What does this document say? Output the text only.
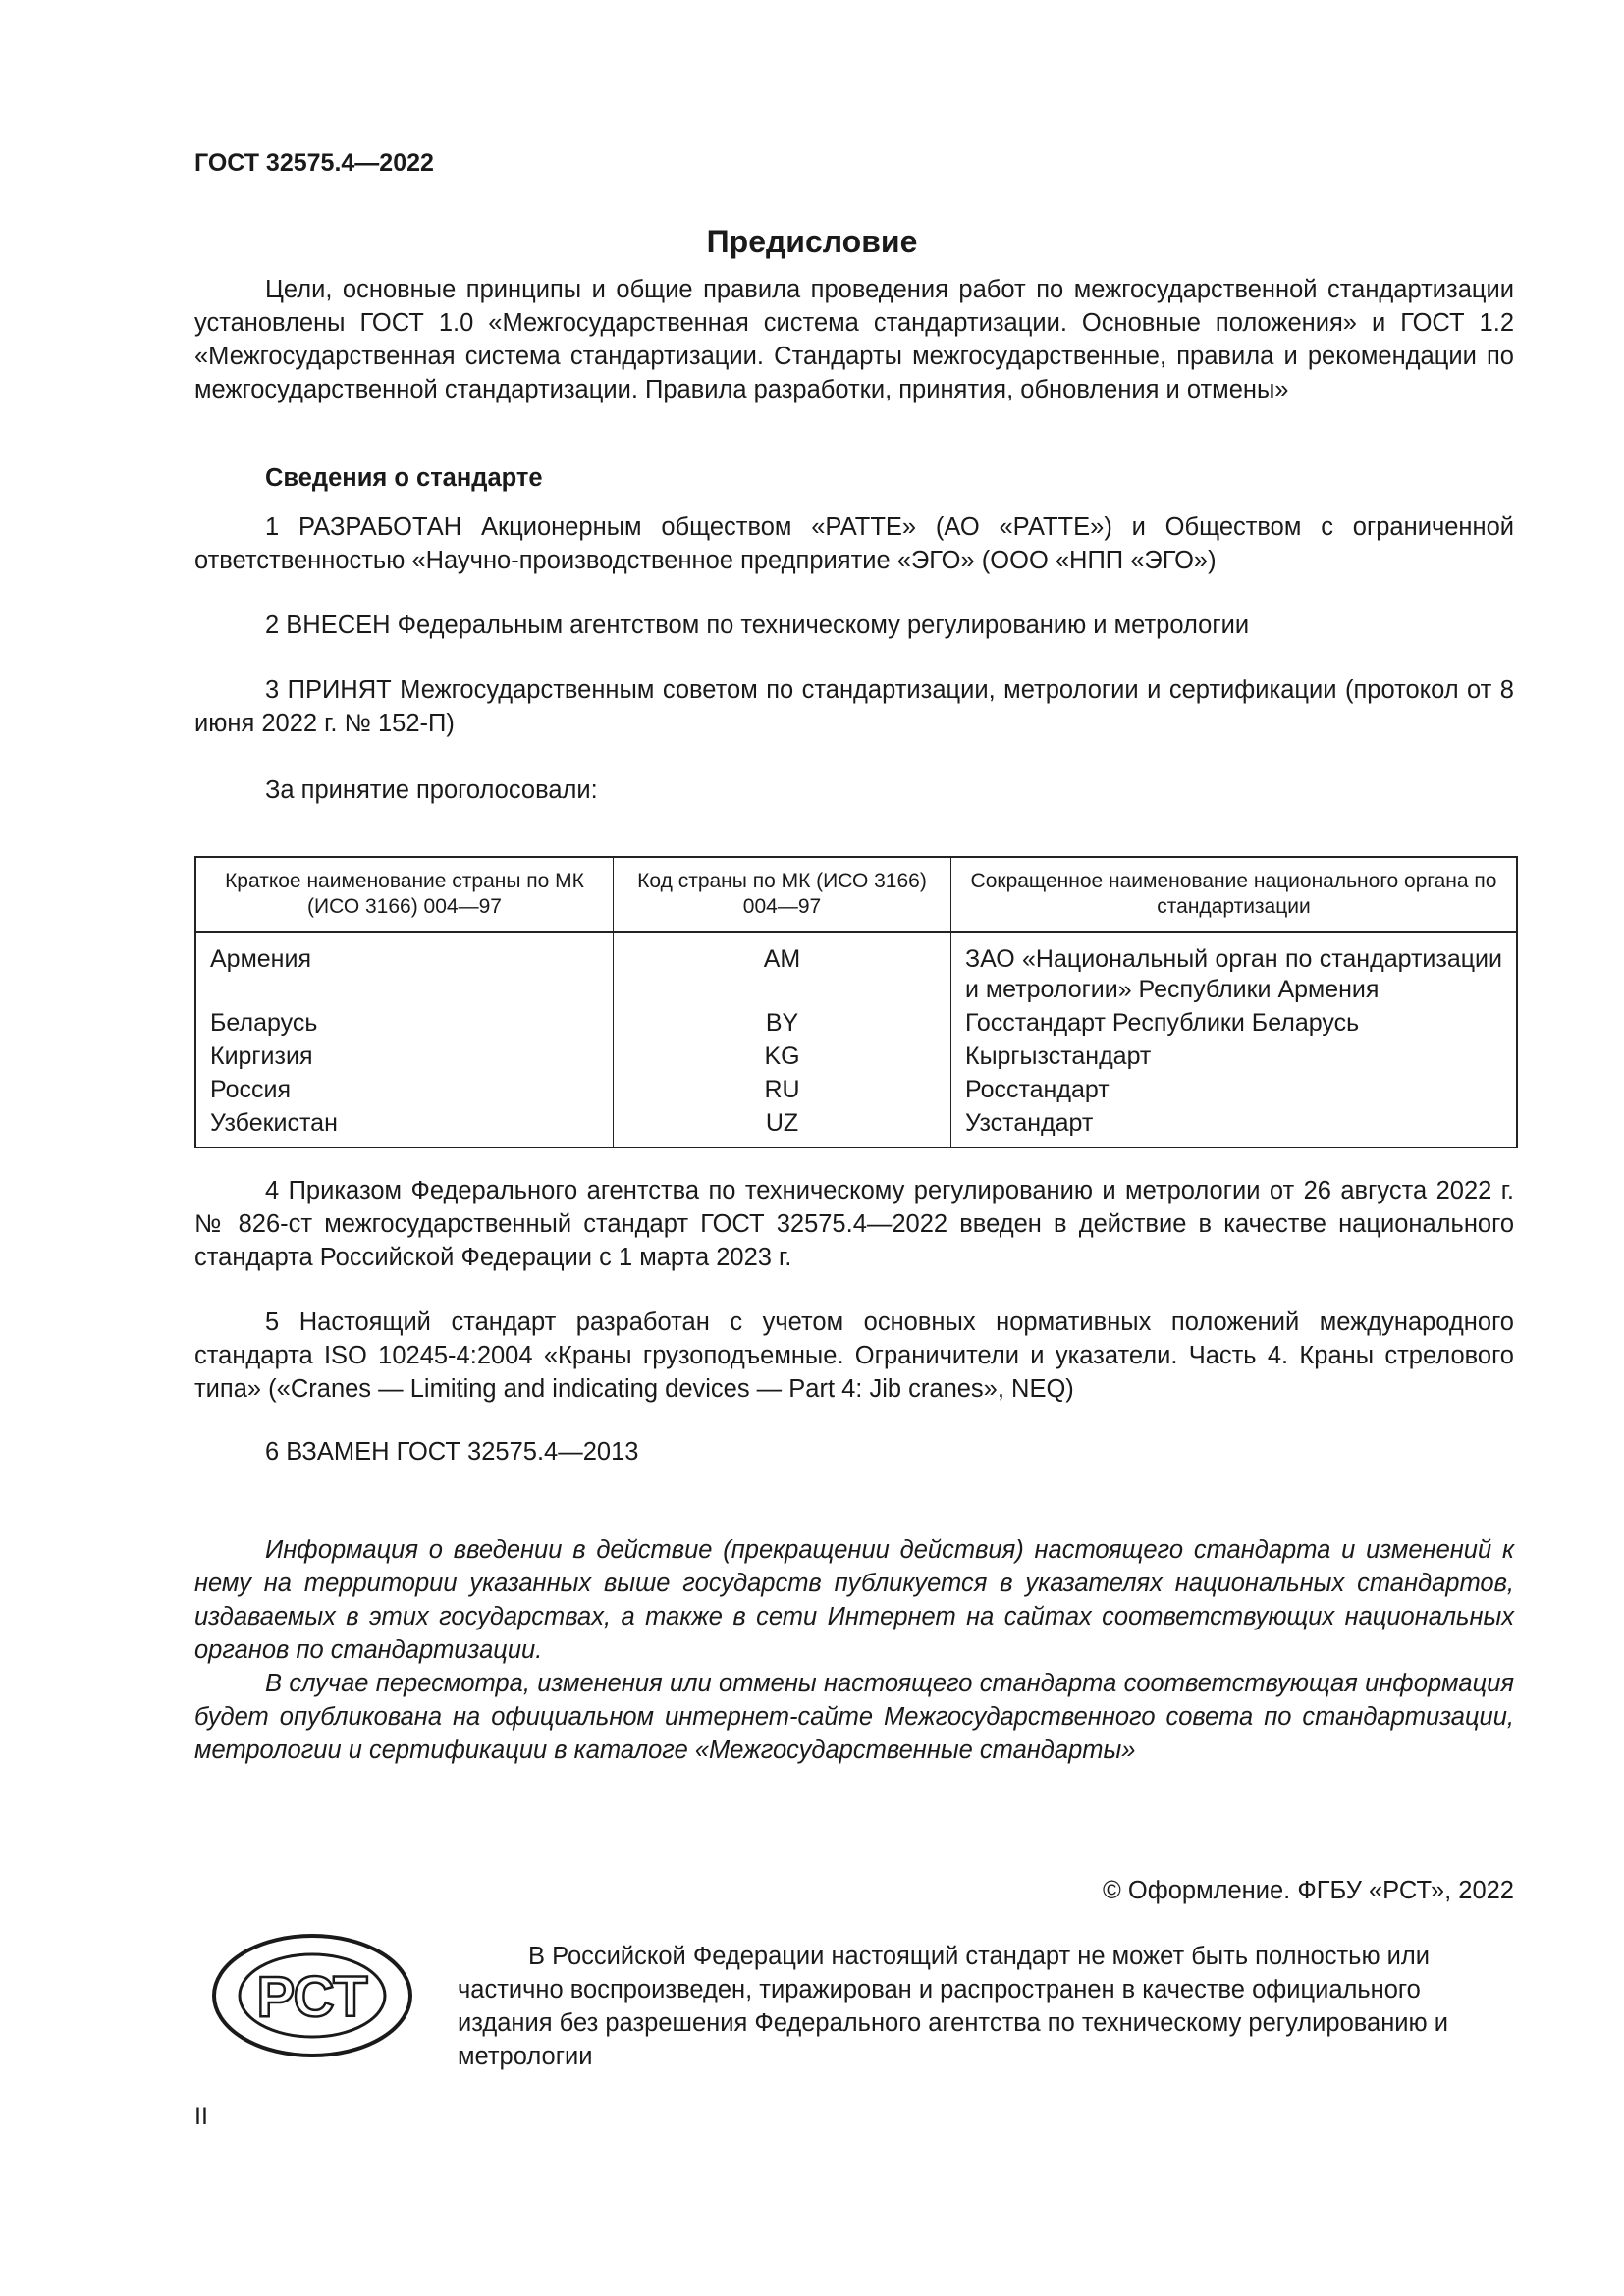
ГОСТ 32575.4—2022
Предисловие

Цели, основные принципы и общие правила проведения работ по межгосударственной стандартизации установлены ГОСТ 1.0 «Межгосударственная система стандартизации. Основные положения» и ГОСТ 1.2 «Межгосударственная система стандартизации. Стандарты межгосударственные, правила и рекомендации по межгосударственной стандартизации. Правила разработки, принятия, обновления и отмены»

Сведения о стандарте

1 РАЗРАБОТАН Акционерным обществом «РАТТЕ» (АО «РАТТЕ») и Обществом с ограниченной ответственностью «Научно-производственное предприятие «ЭГО» (ООО «НПП «ЭГО»)

2 ВНЕСЕН Федеральным агентством по техническому регулированию и метрологии

3 ПРИНЯТ Межгосударственным советом по стандартизации, метрологии и сертификации (протокол от 8 июня 2022 г. № 152-П)

За принятие проголосовали:

Краткое наименование страны по МК (ИСО 3166) 004—97	Код страны по МК (ИСО 3166) 004—97	Сокращенное наименование национального органа по стандартизации
Армения	AM	ЗАО «Национальный орган по стандартизации и метрологии» Республики Армения
Беларусь	BY	Госстандарт Республики Беларусь
Киргизия	KG	Кыргызстандарт
Россия	RU	Росстандарт
Узбекистан	UZ	Узстандарт

4 Приказом Федерального агентства по техническому регулированию и метрологии от 26 августа 2022 г. № 826-ст межгосударственный стандарт ГОСТ 32575.4—2022 введен в действие в качестве национального стандарта Российской Федерации с 1 марта 2023 г.

5 Настоящий стандарт разработан с учетом основных нормативных положений международного стандарта ISO 10245-4:2004 «Краны грузоподъемные. Ограничители и указатели. Часть 4. Краны стрелового типа» («Cranes — Limiting and indicating devices — Part 4: Jib cranes», NEQ)

6 ВЗАМЕН ГОСТ 32575.4—2013

Информация о введении в действие (прекращении действия) настоящего стандарта и изменений к нему на территории указанных выше государств публикуется в указателях национальных стандартов, издаваемых в этих государствах, а также в сети Интернет на сайтах соответствующих национальных органов по стандартизации.

В случае пересмотра, изменения или отмены настоящего стандарта соответствующая информация будет опубликована на официальном интернет-сайте Межгосударственного совета по стандартизации, метрологии и сертификации в каталоге «Межгосударственные стандарты»

© Оформление. ФГБУ «РСТ», 2022
РСТ

В Российской Федерации настоящий стандарт не может быть полностью или частично воспроизведен, тиражирован и распространен в качестве официального издания без разрешения Федерального агентства по техническому регулированию и метрологии

II
